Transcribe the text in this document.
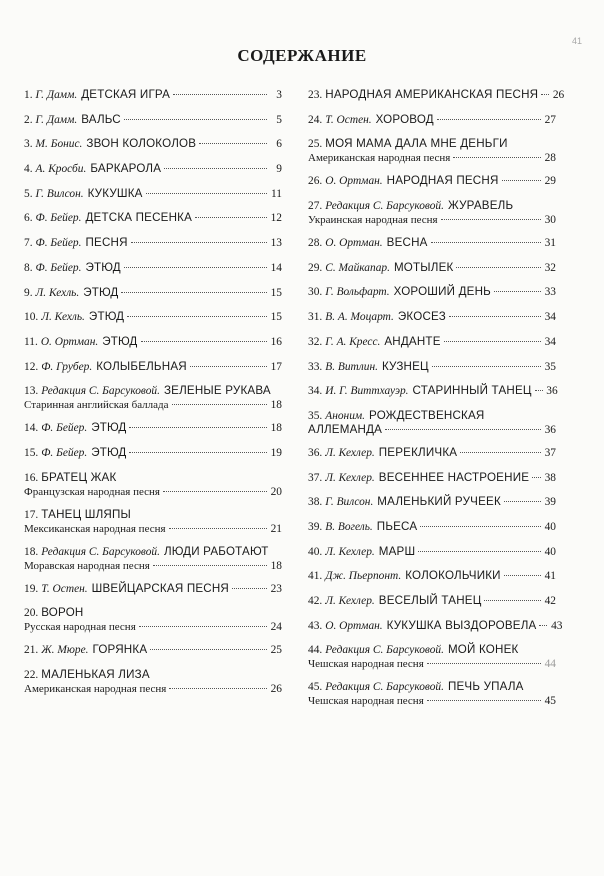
41
СОДЕРЖАНИЕ
1. Г. Дамм. ДЕТСКАЯ ИГРА	3
2. Г. Дамм. ВАЛЬС	5
3. М. Бонис. ЗВОН КОЛОКОЛОВ	6
4. А. Кросби. БАРКАРОЛА	9
5. Г. Вилсон. КУКУШКА	11
6. Ф. Бейер. ДЕТСКА ПЕСЕНКА	12
7. Ф. Бейер. ПЕСНЯ	13
8. Ф. Бейер. ЭТЮД	14
9. Л. Кехль. ЭТЮД	15
10. Л. Кехль. ЭТЮД	15
11. О. Ортман. ЭТЮД	16
12. Ф. Грубер. КОЛЫБЕЛЬНАЯ	17
13. Редакция С. Барсуковой. ЗЕЛЕНЫЕ РУКАВА
Старинная английская баллада	18
14. Ф. Бейер. ЭТЮД	18
15. Ф. Бейер. ЭТЮД	19
16. БРАТЕЦ ЖАК
Французская народная песня	20
17. ТАНЕЦ ШЛЯПЫ
Мексиканская народная песня	21
18. Редакция С. Барсуковой. ЛЮДИ РАБОТАЮТ
Моравская народная песня	18
19. Т. Остен. ШВЕЙЦАРСКАЯ ПЕСНЯ	23
20. ВОРОН
Русская народная песня	24
21. Ж. Мюре. ГОРЯНКА	25
22. МАЛЕНЬКАЯ ЛИЗА
Американская народная песня	26
23. НАРОДНАЯ АМЕРИКАНСКАЯ ПЕСНЯ 26
24. Т. Остен. ХОРОВОД	27
25. МОЯ МАМА ДАЛА МНЕ ДЕНЬГИ
Американская народная песня	28
26. О. Ортман. НАРОДНАЯ ПЕСНЯ	29
27. Редакция С. Барсуковой. ЖУРАВЕЛЬ
Украинская народная песня	30
28. О. Ортман. ВЕСНА	31
29. С. Майкапар. МОТЫЛЕК	32
30. Г. Вольфарт. ХОРОШИЙ ДЕНЬ	33
31. В. А. Моцарт. ЭКОСЕЗ	34
32. Г. А. Кресс. АНДАНТЕ	34
33. В. Витлин. КУЗНЕЦ	35
34. И. Г. Виттхауэр. СТАРИННЫЙ ТАНЕЦ 36
35. Аноним. РОЖДЕСТВЕНСКАЯ
АЛЛЕМАНДА	36
36. Л. Кехлер. ПЕРЕКЛИЧКА	37
37. Л. Кехлер. ВЕСЕННЕЕ НАСТРОЕНИЕ 38
38. Г. Вилсон. МАЛЕНЬКИЙ РУЧЕЕК	39
39. В. Вогель. ПЬЕСА	40
40. Л. Кехлер. МАРШ	40
41. Дж. Пьерпонт. КОЛОКОЛЬЧИКИ	41
42. Л. Кехлер. ВЕСЕЛЫЙ ТАНЕЦ	42
43. О. Ортман. КУКУШКА ВЫЗДОРОВЕЛА 43
44. Редакция С. Барсуковой. МОЙ КОНЕК
Чешская народная песня	44
45. Редакция С. Барсуковой. ПЕЧЬ УПАЛА
Чешская народная песня	45
